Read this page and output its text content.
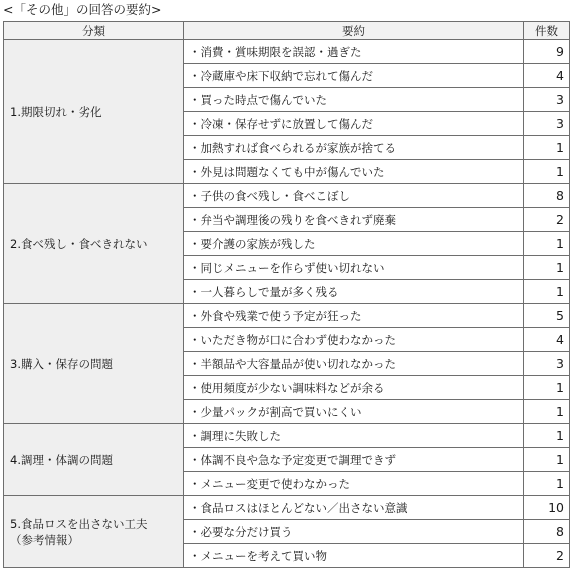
<「その他」の回答の要約>
分類	要約	件数

1.期限切れ・劣化	・消費・賞味期限を誤認・過ぎた	9
	・冷蔵庫や床下収納で忘れて傷んだ	4
	・買った時点で傷んでいた	3
	・冷凍・保存せずに放置して傷んだ	3
	・加熱すれば食べられるが家族が捨てる	1
	・外見は問題なくても中が傷んでいた	1

2.食べ残し・食べきれない	・子供の食べ残し・食べこぼし	8
	・弁当や調理後の残りを食べきれず廃棄	2
	・要介護の家族が残した	1
	・同じメニューを作らず使い切れない	1
	・一人暮らしで量が多く残る	1

3.購入・保存の問題	・外食や残業で使う予定が狂った	5
	・いただき物が口に合わず使わなかった	4
	・半額品や大容量品が使い切れなかった	3
	・使用頻度が少ない調味料などが余る	1
	・少量パックが割高で買いにくい	1

4.調理・体調の問題	・調理に失敗した	1
	・体調不良や急な予定変更で調理できず	1
	・メニュー変更で使わなかった	1

5.食品ロスを出さない工夫
（参考情報）	・食品ロスはほとんどない／出さない意識	10
	・必要な分だけ買う	8
	・メニューを考えて買い物	2
